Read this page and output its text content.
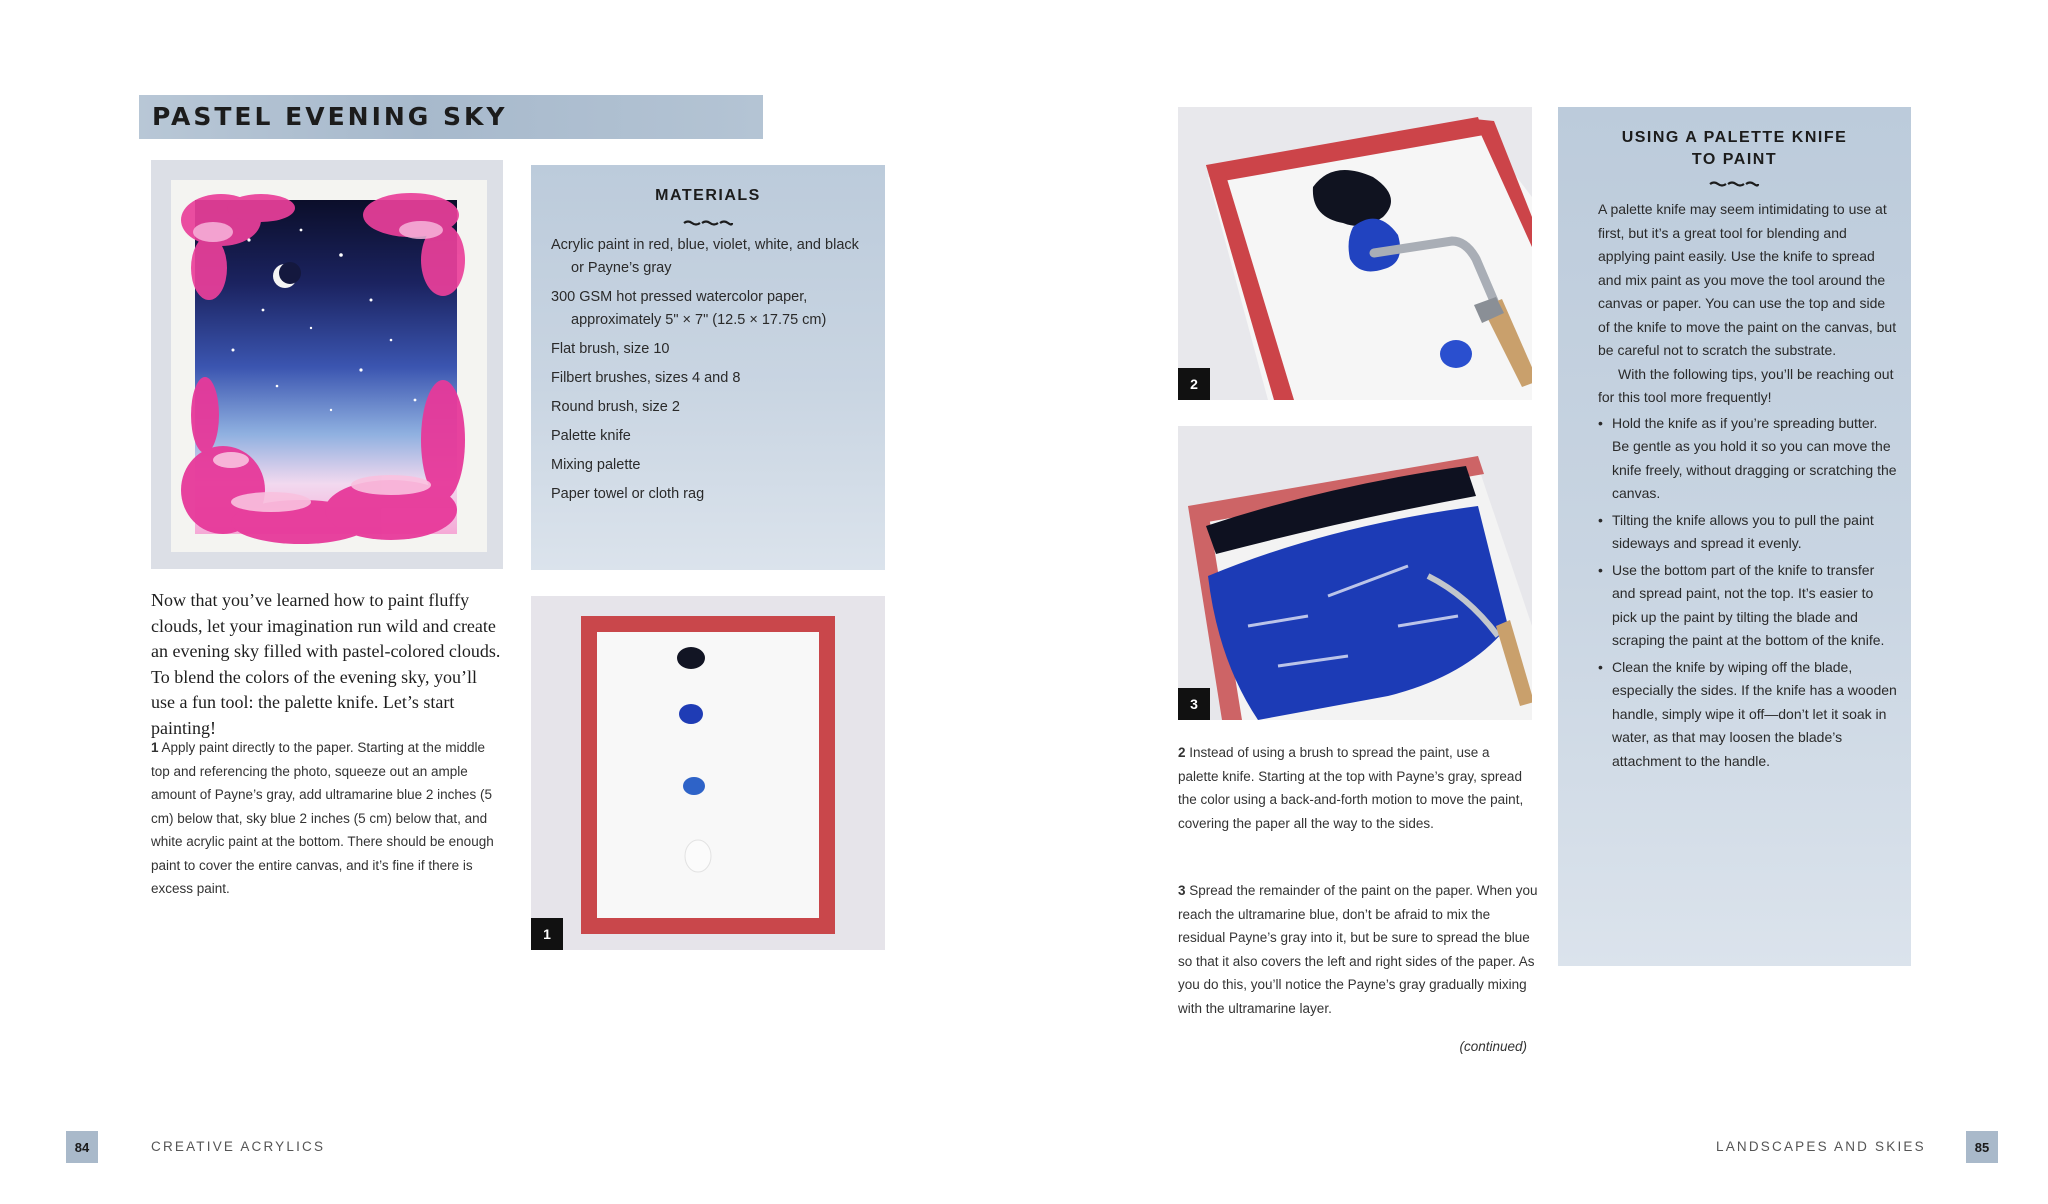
PASTEL EVENING SKY
MATERIALS
Acrylic paint in red, blue, violet, white, and black or Payne’s gray
300 GSM hot pressed watercolor paper, approximately 5" × 7" (12.5 × 17.75 cm)
Flat brush, size 10
Filbert brushes, sizes 4 and 8
Round brush, size 2
Palette knife
Mixing palette
Paper towel or cloth rag
Now that you’ve learned how to paint fluffy clouds, let your imagination run wild and create an evening sky filled with pastel-colored clouds. To blend the colors of the evening sky, you’ll use a fun tool: the palette knife. Let’s start painting!
1 Apply paint directly to the paper. Starting at the middle top and referencing the photo, squeeze out an ample amount of Payne’s gray, add ultramarine blue 2 inches (5 cm) below that, sky blue 2 inches (5 cm) below that, and white acrylic paint at the bottom. There should be enough paint to cover the entire canvas, and it’s fine if there is excess paint.
1
84	CREATIVE ACRYLICS
2
3
2 Instead of using a brush to spread the paint, use a palette knife. Starting at the top with Payne’s gray, spread the color using a back-and-forth motion to move the paint, covering the paper all the way to the sides.
3 Spread the remainder of the paint on the paper. When you reach the ultramarine blue, don’t be afraid to mix the residual Payne’s gray into it, but be sure to spread the blue so that it also covers the left and right sides of the paper. As you do this, you’ll notice the Payne’s gray gradually mixing with the ultramarine layer.
(continued)
USING A PALETTE KNIFE
TO PAINT
A palette knife may seem intimidating to use at first, but it’s a great tool for blending and applying paint easily. Use the knife to spread and mix paint as you move the tool around the canvas or paper. You can use the top and side of the knife to move the paint on the canvas, but be careful not to scratch the substrate.
With the following tips, you’ll be reaching out for this tool more frequently!
• Hold the knife as if you’re spreading butter. Be gentle as you hold it so you can move the knife freely, without dragging or scratching the canvas.
• Tilting the knife allows you to pull the paint sideways and spread it evenly.
• Use the bottom part of the knife to transfer and spread paint, not the top. It’s easier to pick up the paint by tilting the blade and scraping the paint at the bottom of the knife.
• Clean the knife by wiping off the blade, especially the sides. If the knife has a wooden handle, simply wipe it off—don’t let it soak in water, as that may loosen the blade’s attachment to the handle.
LANDSCAPES AND SKIES	85
